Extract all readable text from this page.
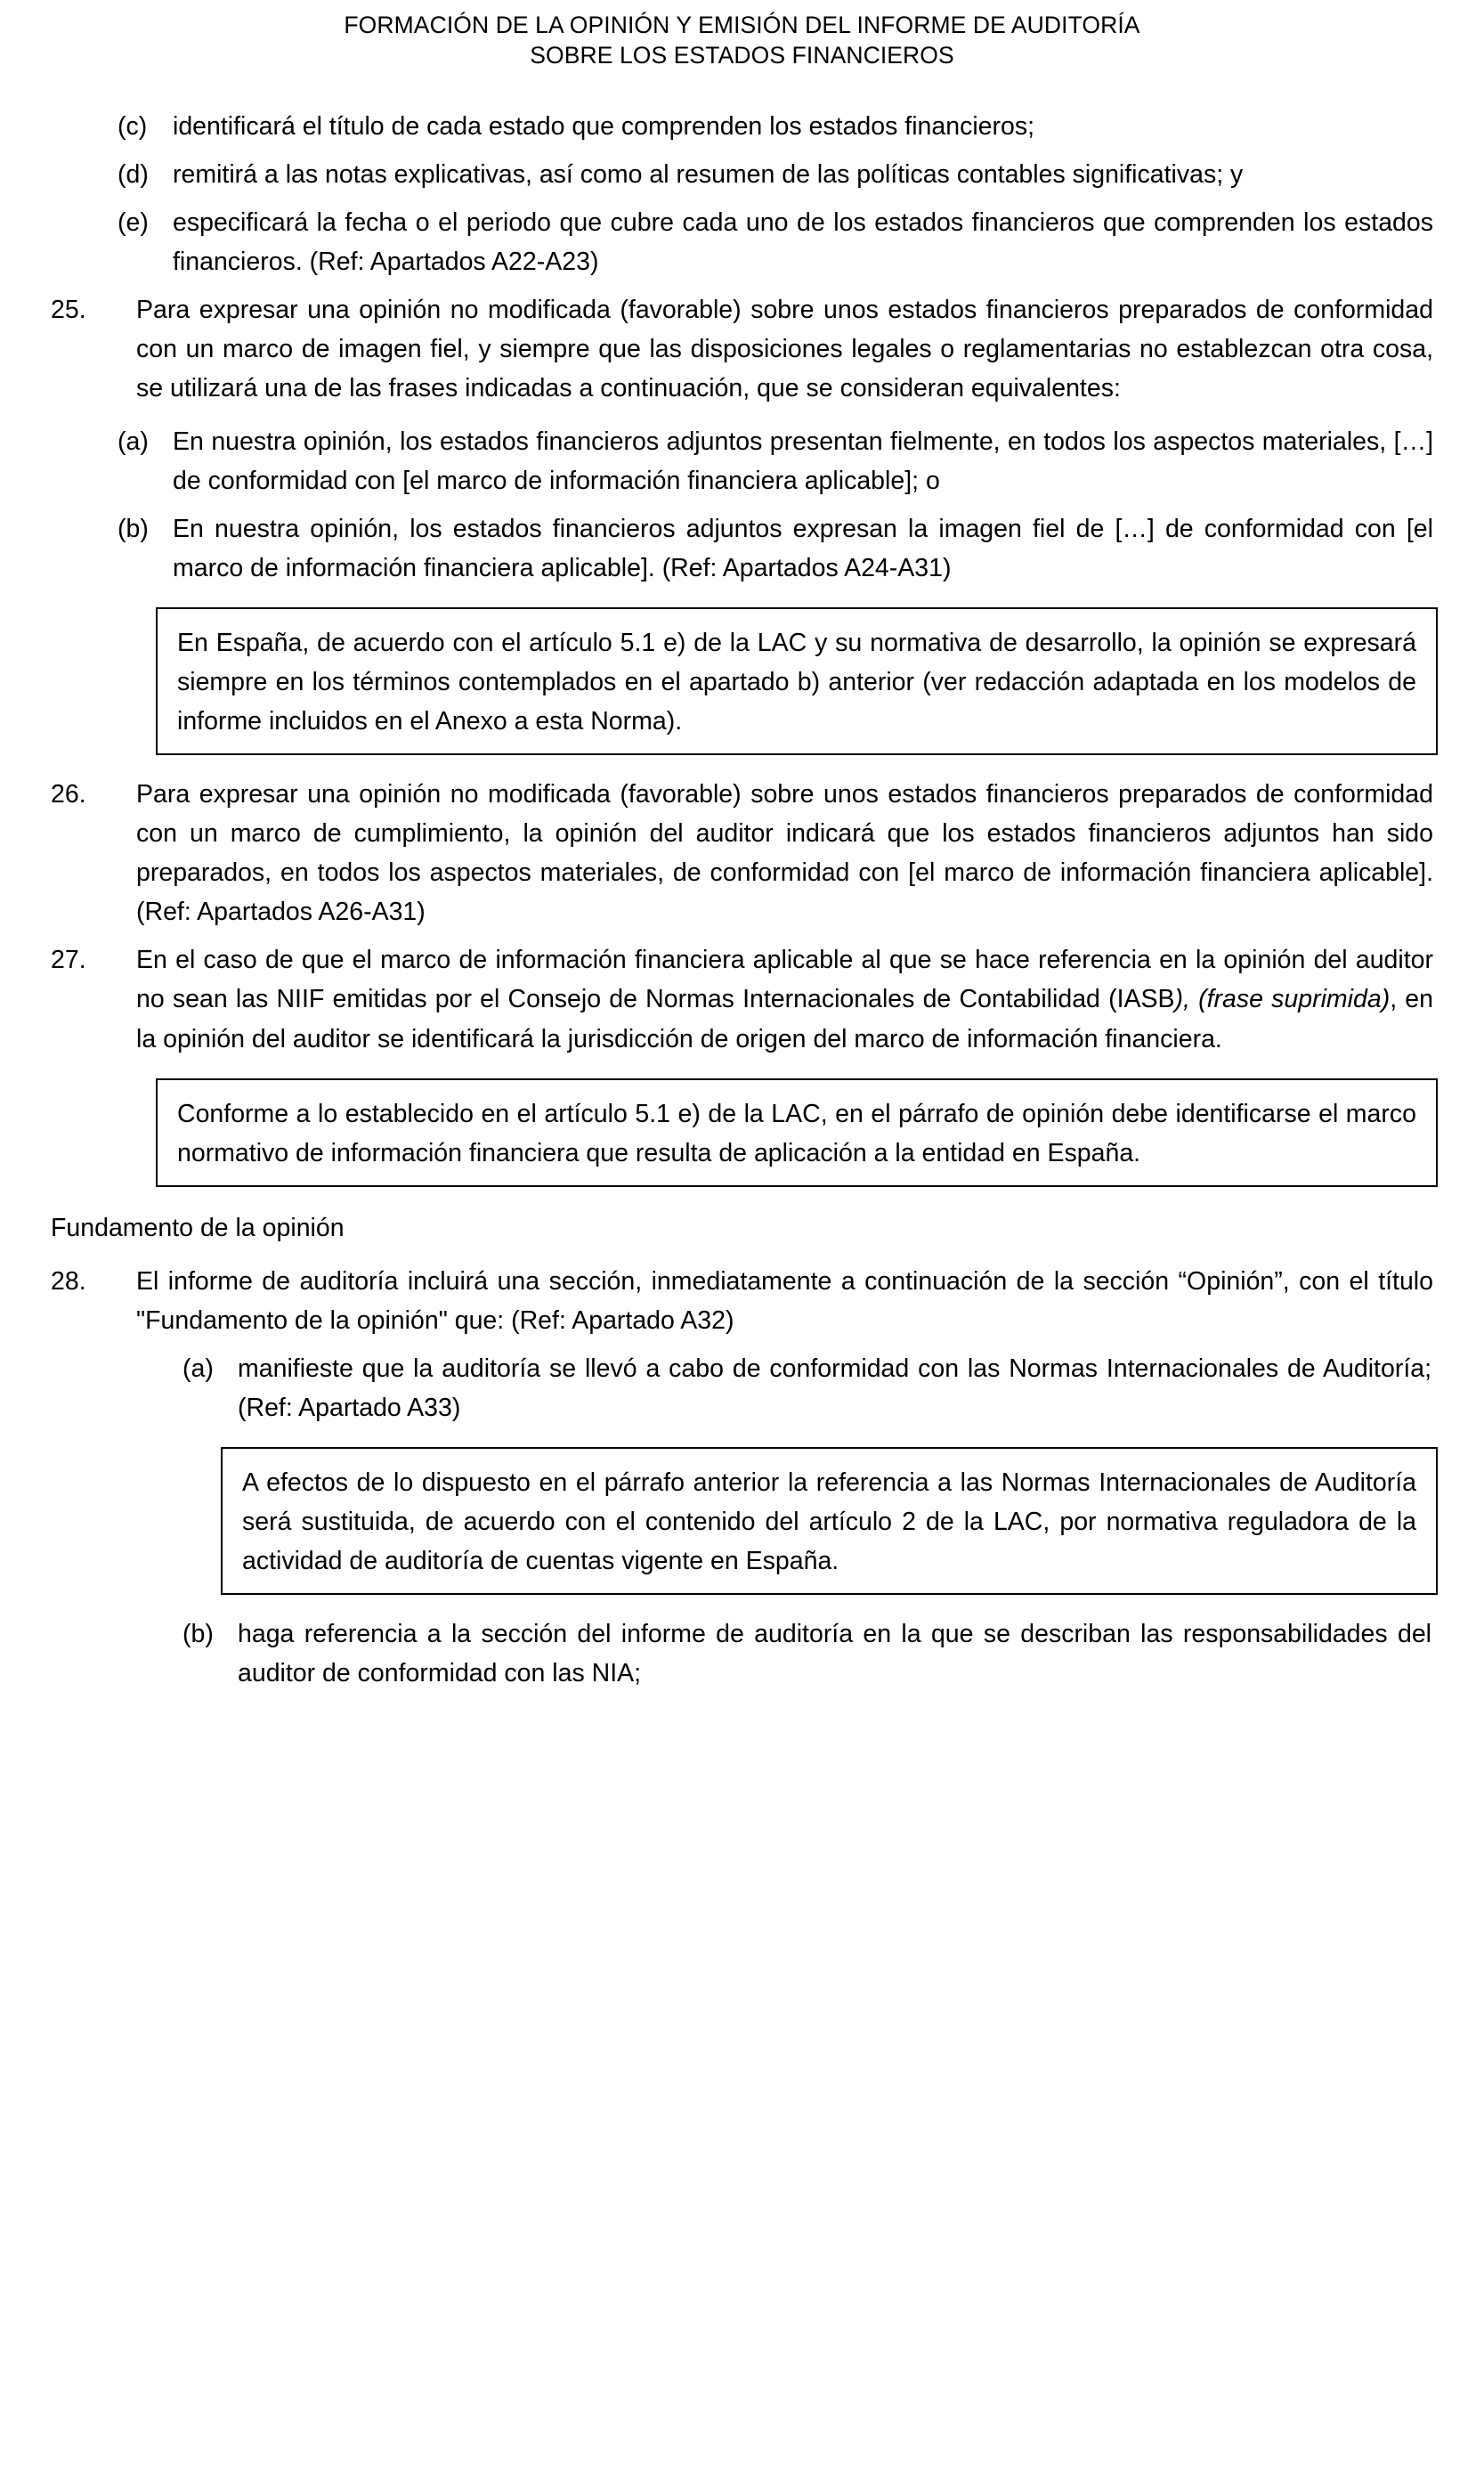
FORMACIÓN DE LA OPINIÓN Y EMISIÓN DEL INFORME DE AUDITORÍA
SOBRE LOS ESTADOS FINANCIEROS
(c)	identificará el título de cada estado que comprenden los estados financieros;
(d) remitirá a las notas explicativas, así como al resumen de las políticas contables significativas; y
(e) especificará la fecha o el periodo que cubre cada uno de los estados financieros que comprenden los estados financieros. (Ref: Apartados A22-A23)
25.	Para expresar una opinión no modificada (favorable) sobre unos estados financieros preparados de conformidad con un marco de imagen fiel, y siempre que las disposiciones legales o reglamentarias no establezcan otra cosa, se utilizará una de las frases indicadas a continuación, que se consideran equivalentes:
(a) En nuestra opinión, los estados financieros adjuntos presentan fielmente, en todos los aspectos materiales, […] de conformidad con [el marco de información financiera aplicable]; o
(b) En nuestra opinión, los estados financieros adjuntos expresan la imagen fiel de […] de conformidad con [el marco de información financiera aplicable]. (Ref: Apartados A24-A31)
En España, de acuerdo con el artículo 5.1 e) de la LAC y su normativa de desarrollo, la opinión se expresará siempre en los términos contemplados en el apartado b) anterior (ver redacción adaptada en los modelos de informe incluidos en el Anexo a esta Norma).
26.	Para expresar una opinión no modificada (favorable) sobre unos estados financieros preparados de conformidad con un marco de cumplimiento, la opinión del auditor indicará que los estados financieros adjuntos han sido preparados, en todos los aspectos materiales, de conformidad con [el marco de información financiera aplicable]. (Ref: Apartados A26-A31)
27.	En el caso de que el marco de información financiera aplicable al que se hace referencia en la opinión del auditor no sean las NIIF emitidas por el Consejo de Normas Internacionales de Contabilidad (IASB), (frase suprimida), en la opinión del auditor se identificará la jurisdicción de origen del marco de información financiera.
Conforme a lo establecido en el artículo 5.1 e) de la LAC, en el párrafo de opinión debe identificarse el marco normativo de información financiera que resulta de aplicación a la entidad en España.
Fundamento de la opinión
28.	El informe de auditoría incluirá una sección, inmediatamente a continuación de la sección “Opinión”, con el título "Fundamento de la opinión" que: (Ref: Apartado A32)
(a) manifieste que la auditoría se llevó a cabo de conformidad con las Normas Internacionales de Auditoría; (Ref: Apartado A33)
A efectos de lo dispuesto en el párrafo anterior la referencia a las Normas Internacionales de Auditoría será sustituida, de acuerdo con el contenido del artículo 2 de la LAC, por normativa reguladora de la actividad de auditoría de cuentas vigente en España.
(b) haga referencia a la sección del informe de auditoría en la que se describan las responsabilidades del auditor de conformidad con las NIA;
